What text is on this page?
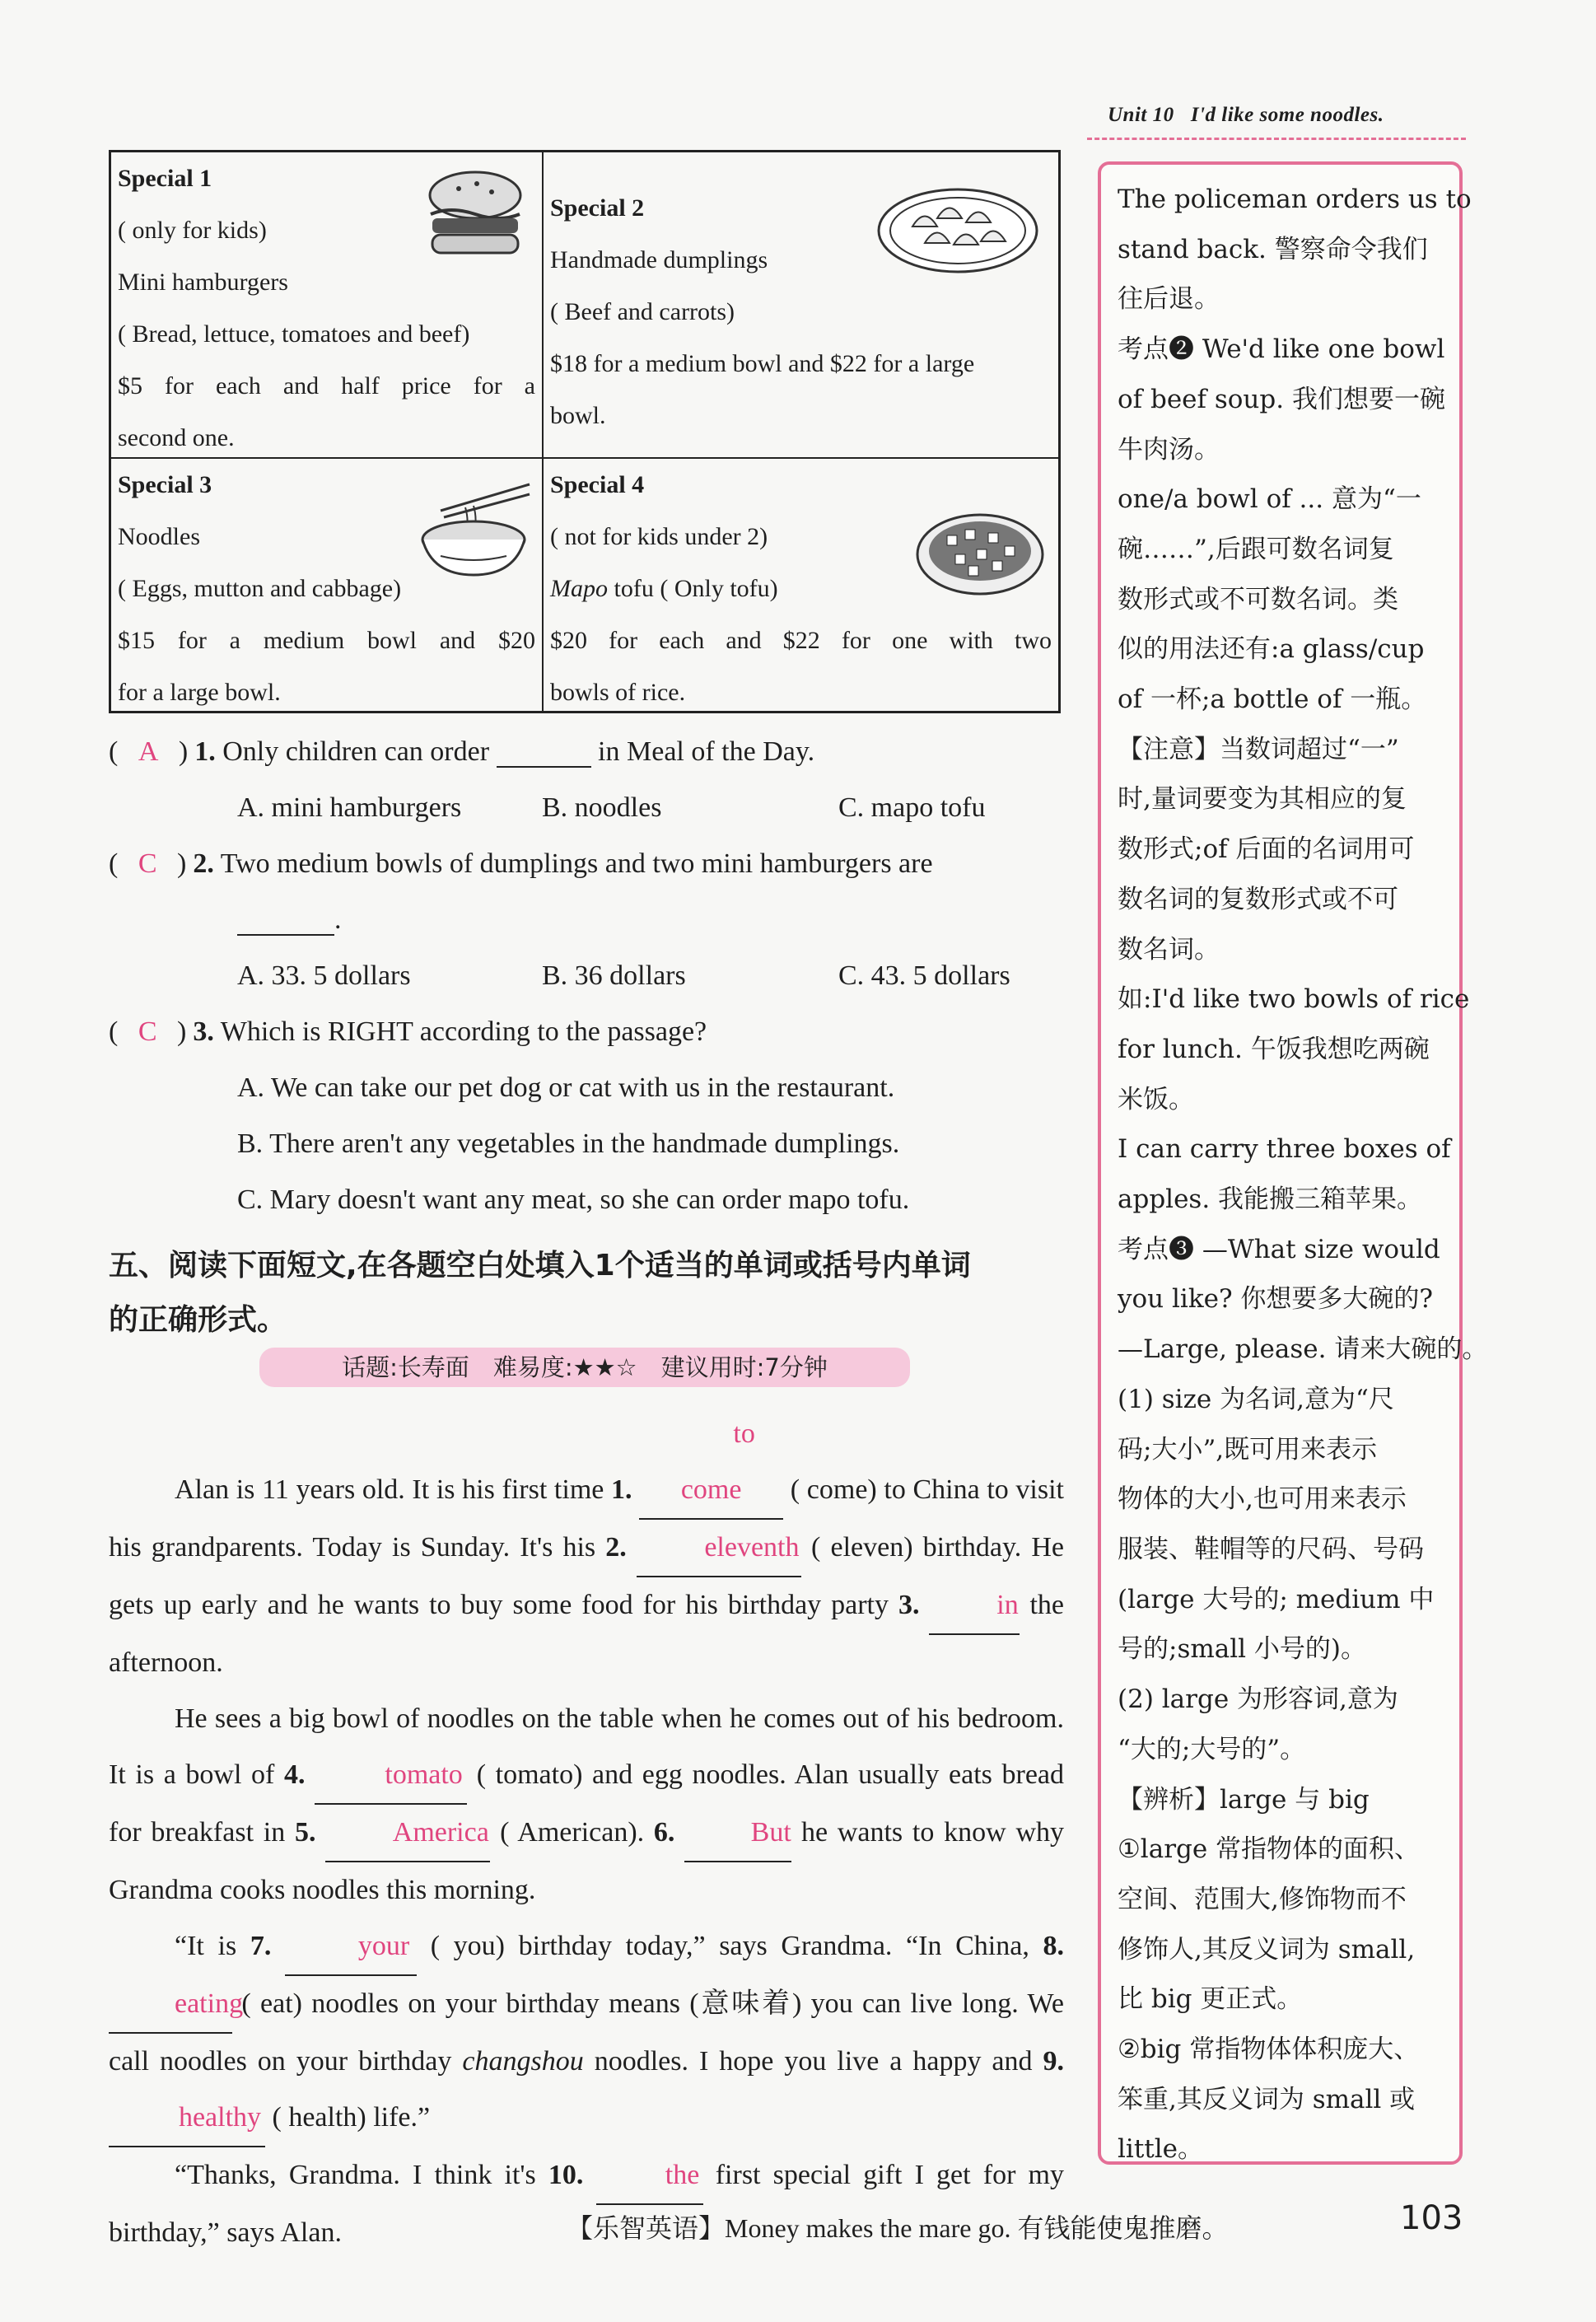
Unit 10 I'd like some noodles.
Special 1
( only for kids)
Mini hamburgers
( Bread, lettuce, tomatoes and beef)
$5 for each and half price for a
second one.
Special 2
Handmade dumplings
( Beef and carrots)
$18 for a medium bowl and $22 for a large
bowl.
Special 3
Noodles
( Eggs, mutton and cabbage)
$15 for a medium bowl and $20
for a large bowl.
Special 4
( not for kids under 2)
Mapo tofu ( Only tofu)
$20 for each and $22 for one with two
bowls of rice.
( A )1. Only children can order	in Meal of the Day.
A. mini hamburgers	B. noodles	C. mapo tofu
( C )2. Two medium bowls of dumplings and two mini hamburgers are
.
A. 33. 5 dollars	B. 36 dollars	C. 43. 5 dollars
( C )3. Which is RIGHT according to the passage?
A. We can take our pet dog or cat with us in the restaurant.
B. There aren't any vegetables in the handmade dumplings.
C. Mary doesn't want any meat, so she can order mapo tofu.
五、阅读下面短文,在各题空白处填入1个适当的单词或括号内单词
的正确形式。
话题:长寿面　难易度:★★☆　建议用时:7分钟

Alan is 11 years old. It is his first time 1. to come ( come) to China to visit his grandparents. Today is Sunday. It's his 2.	eleventh ( eleven) birthday. He gets up early and he wants to buy some food for his birthday party 3.	in the afternoon.

He sees a big bowl of noodles on the table when he comes out of his bedroom. It is a bowl of 4.	tomato ( tomato) and egg noodles. Alan usually eats bread for breakfast in 5.	America ( American). 6.	But he wants to know why Grandma cooks noodles this morning.

“It is 7.	your ( you) birthday today,” says Grandma. “In China, 8. eating ( eat) noodles on your birthday means (意味着) you can live long. We call noodles on your birthday changshou noodles. I hope you live a happy and 9. healthy ( health) life.”

“Thanks, Grandma. I think it's 10.	the first special gift I get for my birthday,” says Alan.

The policeman orders us to
stand back. 警察命令我们
往后退。
考点❷ We'd like one bowl
of beef soup. 我们想要一碗
牛肉汤。
one/a bowl of ... 意为“一
碗……”,后跟可数名词复
数形式或不可数名词。类
似的用法还有:a glass/cup
of 一杯;a bottle of 一瓶。
【注意】当数词超过“一”
时,量词要变为其相应的复
数形式;of 后面的名词用可
数名词的复数形式或不可
数名词。
如:I'd like two bowls of rice
for lunch. 午饭我想吃两碗
米饭。
I can carry three boxes of
apples. 我能搬三箱苹果。
考点❸ —What size would
you like? 你想要多大碗的?
—Large, please. 请来大碗的。
(1) size 为名词,意为“尺
码;大小”,既可用来表示
物体的大小,也可用来表示
服装、鞋帽等的尺码、号码
(large 大号的; medium 中
号的;small 小号的)。
(2) large 为形容词,意为
“大的;大号的”。
【辨析】large 与 big
①large 常指物体的面积、
空间、范围大,修饰物而不
修饰人,其反义词为 small,
比 big 更正式。
②big 常指物体体积庞大、
笨重,其反义词为 small 或
little。
【乐智英语】Money makes the mare go. 有钱能使鬼推磨。	103
